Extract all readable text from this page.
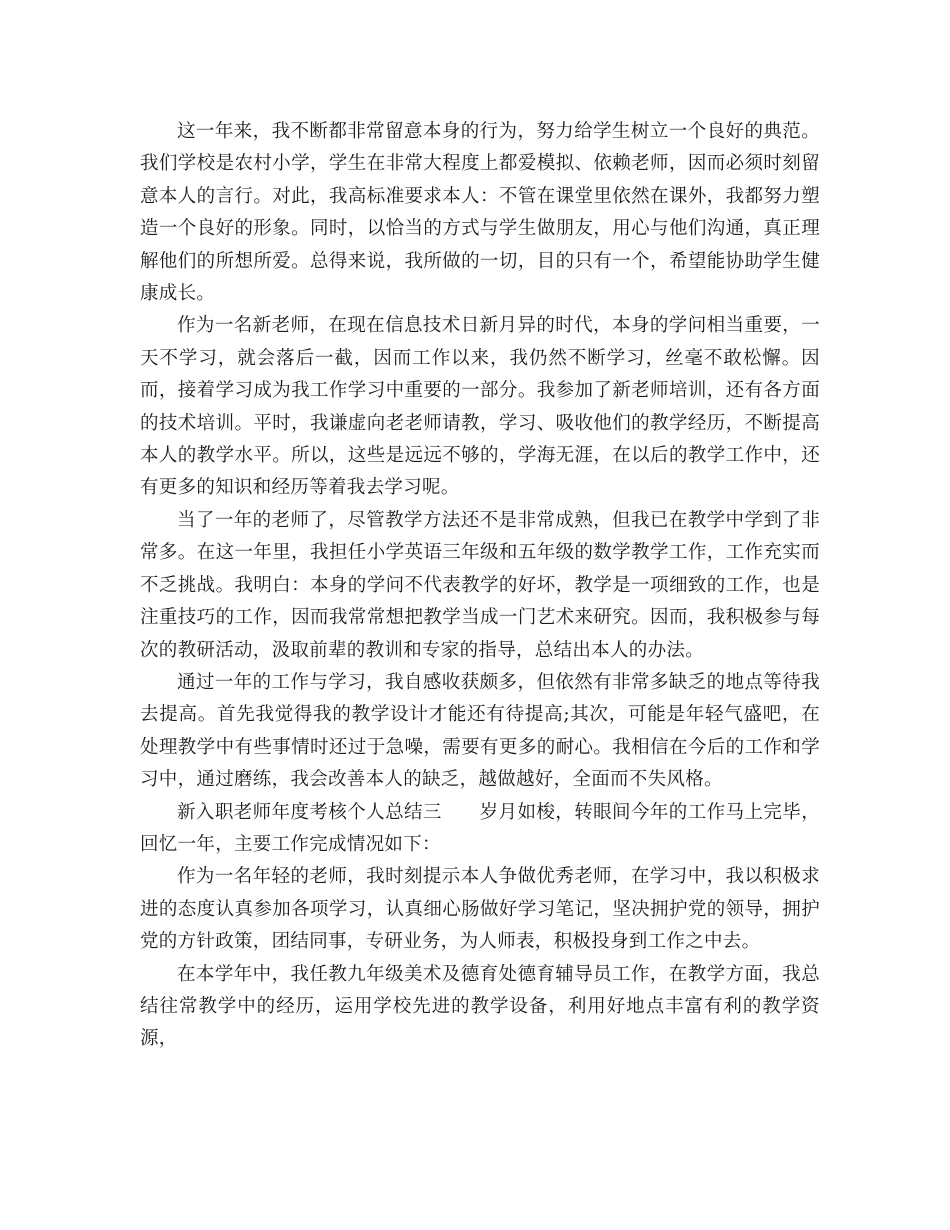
这一年来，我不断都非常留意本身的行为，努力给学生树立一个良好的典范。我们学校是农村小学，学生在非常大程度上都爱模拟、依赖老师，因而必须时刻留意本人的言行。对此，我高标准要求本人：不管在课堂里依然在课外，我都努力塑造一个良好的形象。同时，以恰当的方式与学生做朋友，用心与他们沟通，真正理解他们的所想所爱。总得来说，我所做的一切，目的只有一个，希望能协助学生健康成长。

作为一名新老师，在现在信息技术日新月异的时代，本身的学问相当重要，一天不学习，就会落后一截，因而工作以来，我仍然不断学习，丝毫不敢松懈。因而，接着学习成为我工作学习中重要的一部分。我参加了新老师培训，还有各方面的技术培训。平时，我谦虚向老老师请教，学习、吸收他们的教学经历，不断提高本人的教学水平。所以，这些是远远不够的，学海无涯，在以后的教学工作中，还有更多的知识和经历等着我去学习呢。

当了一年的老师了，尽管教学方法还不是非常成熟，但我已在教学中学到了非常多。在这一年里，我担任小学英语三年级和五年级的数学教学工作，工作充实而不乏挑战。我明白：本身的学问不代表教学的好坏，教学是一项细致的工作，也是注重技巧的工作，因而我常常想把教学当成一门艺术来研究。因而，我积极参与每次的教研活动，汲取前辈的教训和专家的指导，总结出本人的办法。

通过一年的工作与学习，我自感收获颇多，但依然有非常多缺乏的地点等待我去提高。首先我觉得我的教学设计才能还有待提高;其次，可能是年轻气盛吧，在处理教学中有些事情时还过于急噪，需要有更多的耐心。我相信在今后的工作和学习中，通过磨练，我会改善本人的缺乏，越做越好，全面而不失风格。

新入职老师年度考核个人总结三　　岁月如梭，转眼间今年的工作马上完毕，回忆一年，主要工作完成情况如下：

作为一名年轻的老师，我时刻提示本人争做优秀老师，在学习中，我以积极求进的态度认真参加各项学习，认真细心肠做好学习笔记，坚决拥护党的领导，拥护党的方针政策，团结同事，专研业务，为人师表，积极投身到工作之中去。

在本学年中，我任教九年级美术及德育处德育辅导员工作，在教学方面，我总结往常教学中的经历，运用学校先进的教学设备，利用好地点丰富有利的教学资源，
